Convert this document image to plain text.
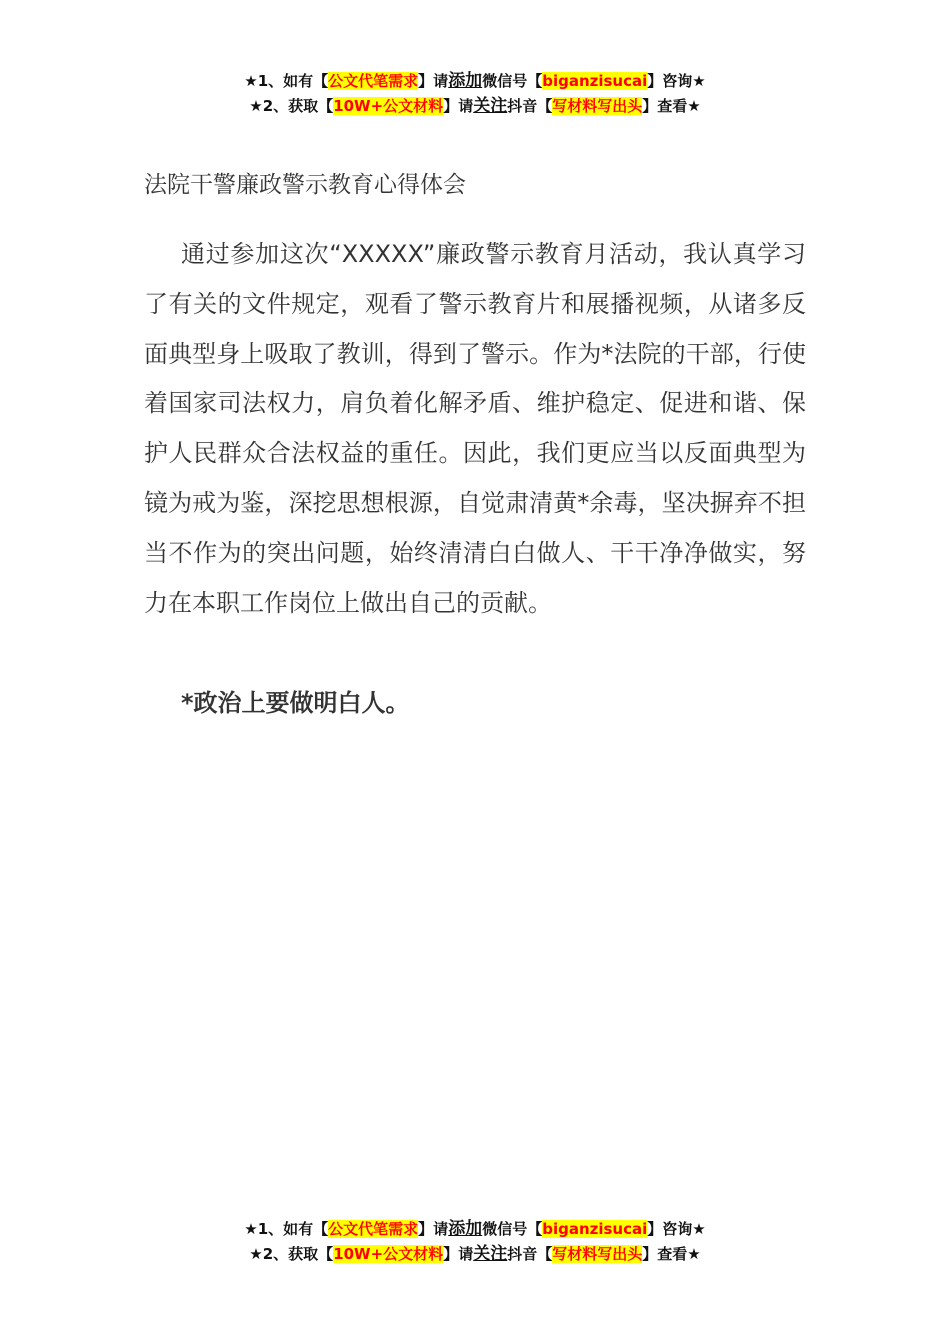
★1、如有【公文代笔需求】请添加微信号【biganzisucai】咨询★
★2、获取【10W+公文材料】请关注抖音【写材料写出头】查看★
法院干警廉政警示教育心得体会

通过参加这次“XXXXX”廉政警示教育月活动，我认真学习了有关的文件规定，观看了警示教育片和展播视频，从诸多反面典型身上吸取了教训，得到了警示。作为*法院的干部，行使着国家司法权力，肩负着化解矛盾、维护稳定、促进和谐、保护人民群众合法权益的重任。因此，我们更应当以反面典型为镜为戒为鉴，深挖思想根源，自觉肃清黄*余毒，坚决摒弃不担当不作为的突出问题，始终清清白白做人、干干净净做实，努力在本职工作岗位上做出自己的贡献。

*政治上要做明白人。
★1、如有【公文代笔需求】请添加微信号【biganzisucai】咨询★
★2、获取【10W+公文材料】请关注抖音【写材料写出头】查看★
